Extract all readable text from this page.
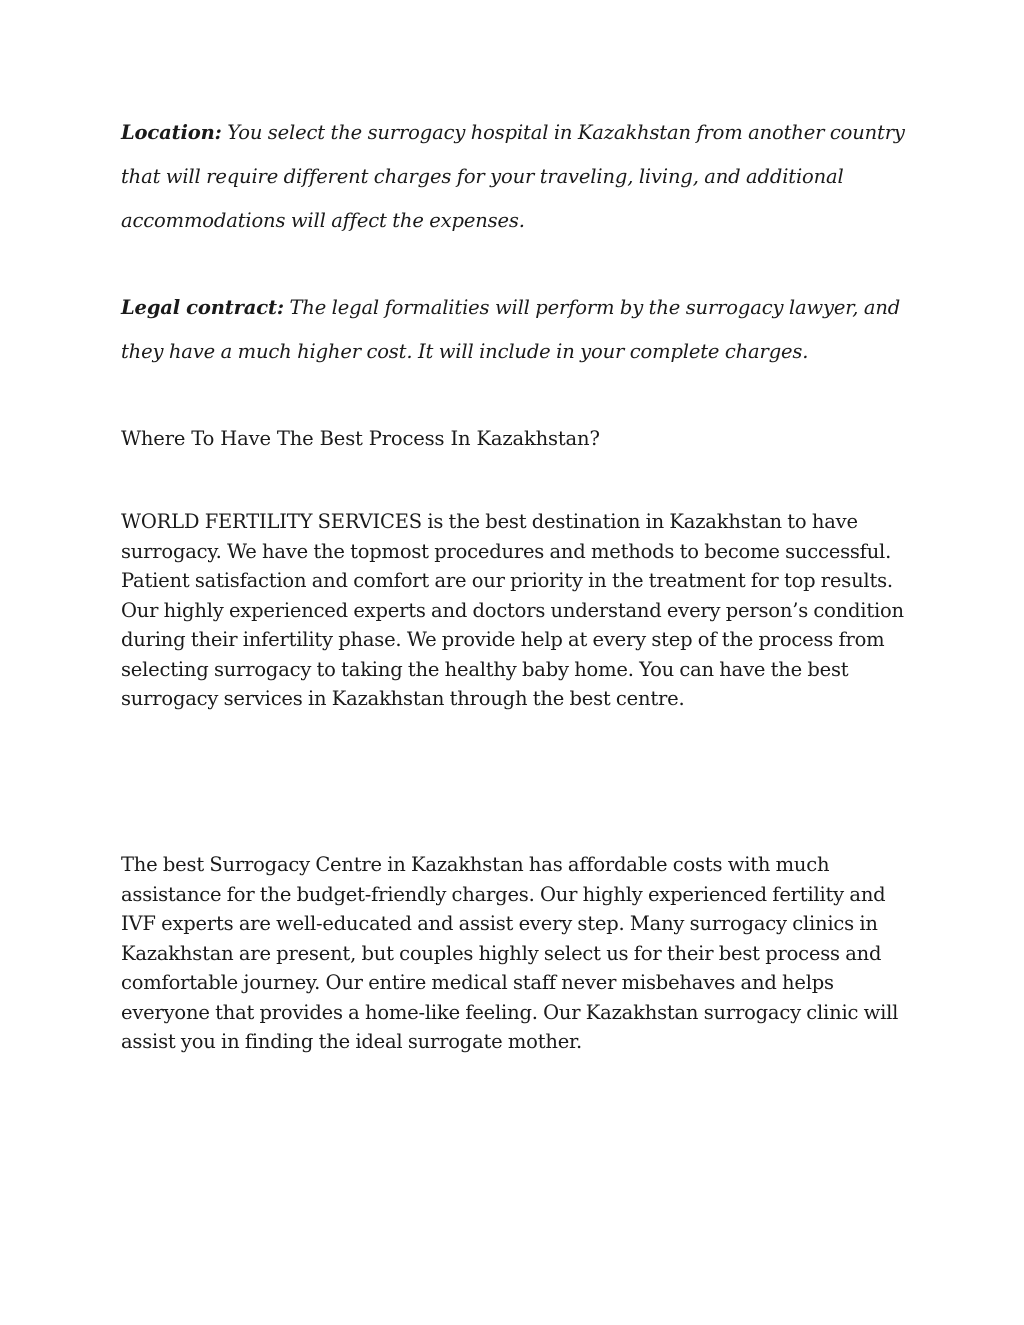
Location: You select the surrogacy hospital in Kazakhstan from another country that will require different charges for your traveling, living, and additional accommodations will affect the expenses.

Legal contract: The legal formalities will perform by the surrogacy lawyer, and they have a much higher cost. It will include in your complete charges.

Where To Have The Best Process In Kazakhstan?

WORLD FERTILITY SERVICES is the best destination in Kazakhstan to have surrogacy. We have the topmost procedures and methods to become successful. Patient satisfaction and comfort are our priority in the treatment for top results. Our highly experienced experts and doctors understand every person’s condition during their infertility phase. We provide help at every step of the process from selecting surrogacy to taking the healthy baby home. You can have the best surrogacy services in Kazakhstan through the best centre.

The best Surrogacy Centre in Kazakhstan has affordable costs with much assistance for the budget-friendly charges. Our highly experienced fertility and IVF experts are well-educated and assist every step. Many surrogacy clinics in Kazakhstan are present, but couples highly select us for their best process and comfortable journey. Our entire medical staff never misbehaves and helps everyone that provides a home-like feeling. Our Kazakhstan surrogacy clinic will assist you in finding the ideal surrogate mother.
